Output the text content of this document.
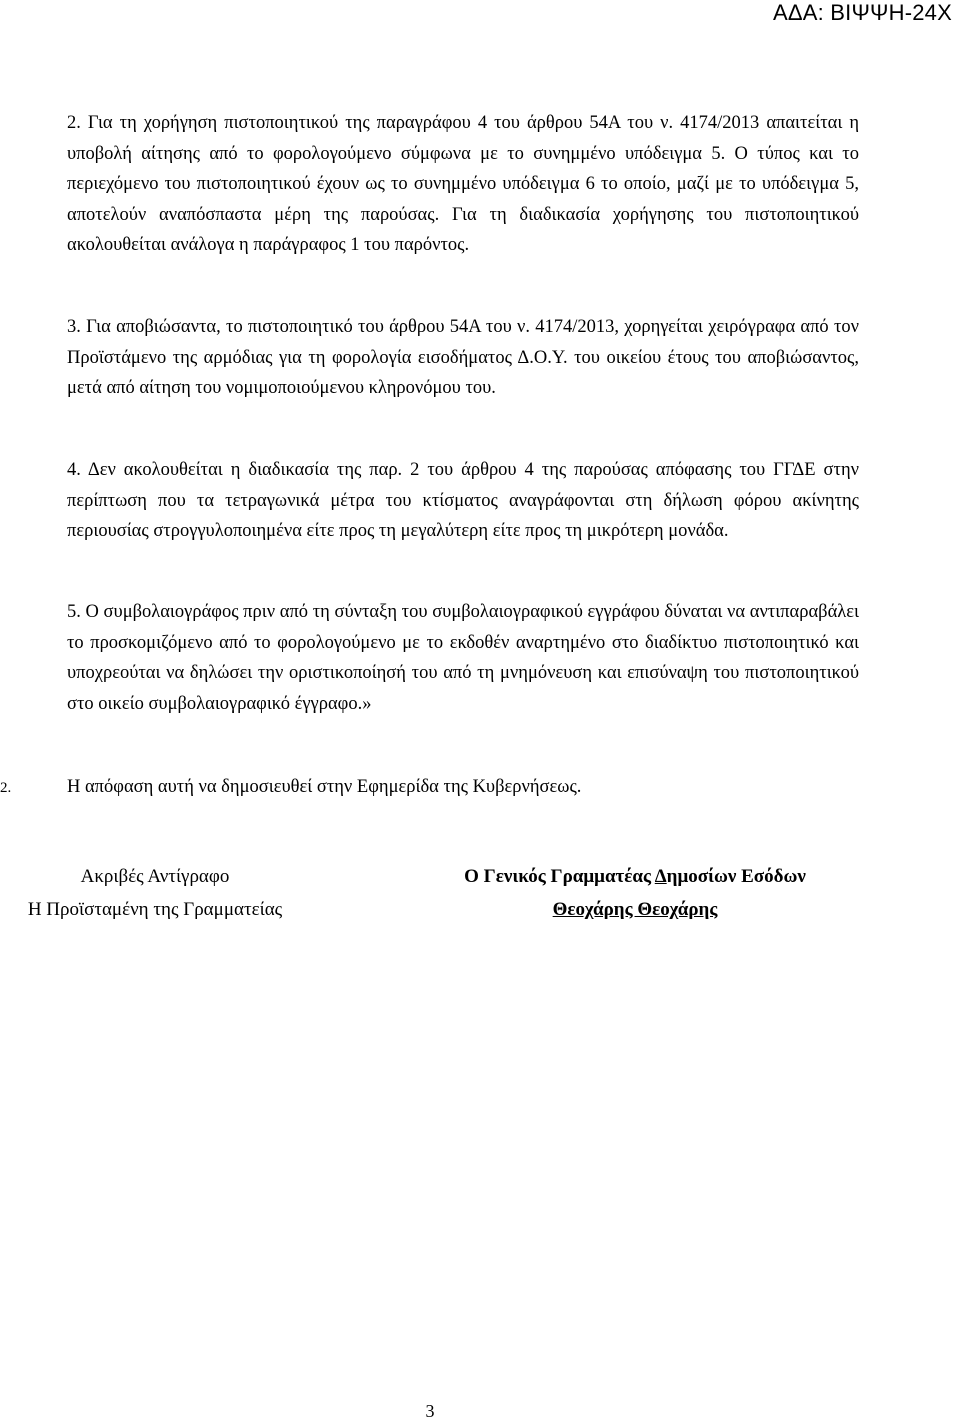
ΑΔΑ: ΒΙΨΨΗ-24Χ
2. Για τη χορήγηση πιστοποιητικού της παραγράφου 4 του άρθρου 54Α του ν. 4174/2013 απαιτείται η υποβολή αίτησης από το φορολογούμενο σύμφωνα με το συνημμένο υπόδειγμα 5. Ο τύπος και το περιεχόμενο του πιστοποιητικού έχουν ως το συνημμένο υπόδειγμα 6 το οποίο, μαζί με το υπόδειγμα 5, αποτελούν αναπόσπαστα μέρη της παρούσας. Για τη διαδικασία χορήγησης του πιστοποιητικού ακολουθείται ανάλογα η παράγραφος 1 του παρόντος.
3. Για αποβιώσαντα, το πιστοποιητικό του άρθρου 54Α του ν. 4174/2013, χορηγείται χειρόγραφα από τον Προϊστάμενο της αρμόδιας για τη φορολογία εισοδήματος Δ.Ο.Υ. του οικείου έτους του αποβιώσαντος, μετά από αίτηση του νομιμοποιούμενου κληρονόμου του.
4. Δεν ακολουθείται η διαδικασία της παρ. 2 του άρθρου 4 της παρούσας απόφασης του ΓΓΔΕ στην περίπτωση που τα τετραγωνικά μέτρα του κτίσματος αναγράφονται στη δήλωση φόρου ακίνητης περιουσίας στρογγυλοποιημένα είτε προς τη μεγαλύτερη είτε προς τη μικρότερη μονάδα.
5. Ο συμβολαιογράφος πριν από τη σύνταξη του συμβολαιογραφικού εγγράφου δύναται να αντιπαραβάλει το προσκομιζόμενο από το φορολογούμενο με το εκδοθέν αναρτημένο στο διαδίκτυο πιστοποιητικό και υποχρεούται να δηλώσει την οριστικοποίησή του από τη μνημόνευση και επισύναψη του πιστοποιητικού στο οικείο συμβολαιογραφικό έγγραφο.»
2.	Η απόφαση αυτή να δημοσιευθεί στην Εφημερίδα της Κυβερνήσεως.
Ακριβές Αντίγραφο
Η Προϊσταμένη της Γραμματείας
Ο Γενικός Γραμματέας Δημοσίων Εσόδων
Θεοχάρης Θεοχάρης
3
